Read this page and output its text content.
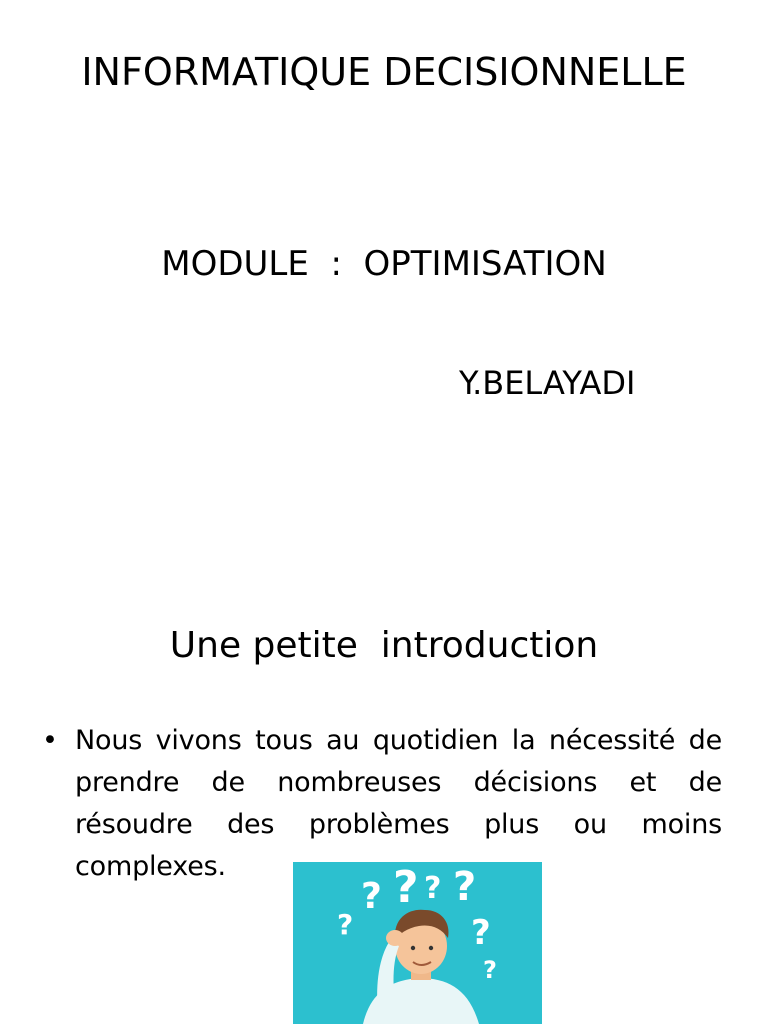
INFORMATIQUE DECISIONNELLE
MODULE  :  OPTIMISATION
Y.BELAYADI
Une petite  introduction
• Nous vivons tous au quotidien la nécessité de prendre de nombreuses décisions et de résoudre des problèmes plus ou moins complexes.
? ? ? ?
?	?
?
